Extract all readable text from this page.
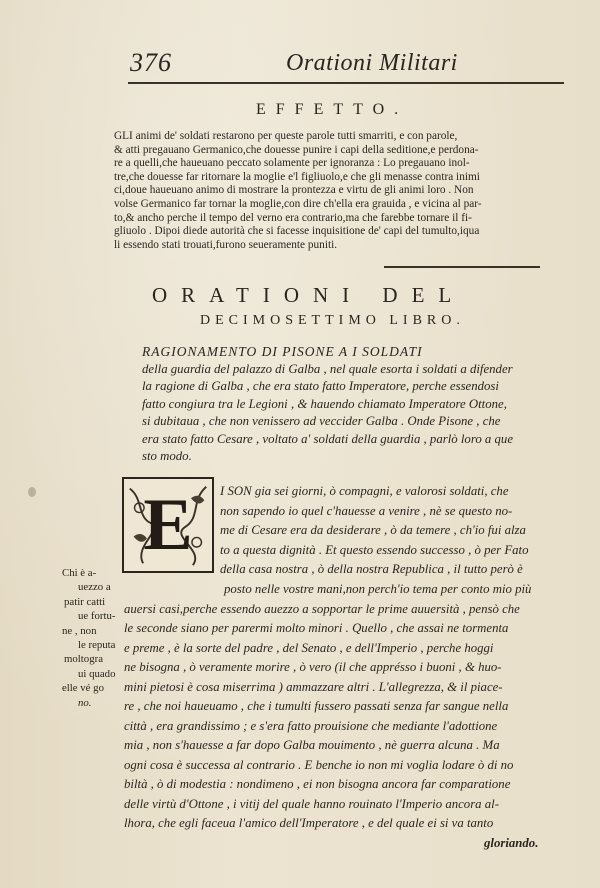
376	Orationi Militari
EFFETTO.
GLI animi de' soldati restarono per queste parole tutti smarriti, e con parole,
& atti pregauano Germanico,che douesse punire i capi della seditione,e perdona-
re a quelli,che haueuano peccato solamente per ignoranza : Lo pregauano inol-
tre,che douesse far ritornare la moglie e'l figliuolo,e che gli menasse contra inimi
ci,doue haueuano animo di mostrare la prontezza e virtu de gli animi loro . Non
volse Germanico far tornar la moglie,con dire ch'ella era grauida , e vicina al par-
to,& ancho perche il tempo del verno era contrario,ma che farebbe tornare il fi-
gliuolo . Dipoi diede autorità che si facesse inquisitione de' capi del tumulto,iqua
li essendo stati trouati,furono seueramente puniti.
ORATIONI DEL
DECIMOSETTIMO LIBRO.
RAGIONAMENTO DI PISONE A I SOLDATI
della guardia del palazzo di Galba , nel quale esorta i soldati a difender
la ragione di Galba , che era stato fatto Imperatore, perche essendosi
fatto congiura tra le Legioni , & hauendo chiamato Imperatore Ottone,
si dubitaua , che non venissero ad veccider Galba . Onde Pisone , che
era stato fatto Cesare , voltato a' soldati della guardia , parlò loro a que
sto modo.
E	I SON gia sei giorni, ò compagni, e valorosi soldati, che
non sapendo io quel c'hauesse a venire , nè se questo no-
me di Cesare era da desiderare , ò da temere , ch'io fui alza
to a questa dignità . Et questo essendo successo , ò per Fato
della casa nostra , ò della nostra Republica , il tutto però è
posto nelle vostre mani,non perch'io tema per conto mio più
auersi casi,perche essendo auezzo a sopportar le prime auuersità , pensò che
le seconde siano per parermi molto minori . Quello , che assai ne tormenta
e preme , è la sorte del padre , del Senato , e dell'Imperio , perche hoggi
ne bisogna , ò veramente morire , ò vero (il che apprésso i buoni , & huo-
mini pietosi è cosa miserrima ) ammazzare altri . L'allegrezza, & il piace-
re , che noi haueuamo , che i tumulti fussero passati senza far sangue nella
città , era grandissimo ; e s'era fatto prouisione che mediante l'adottione
mia , non s'hauesse a far dopo Galba mouimento , nè guerra alcuna . Ma
ogni cosa è successa al contrario . E benche io non mi voglia lodare ò di no
biltà , ò di modestia : nondimeno , ei non bisogna ancora far comparatione
delle virtù d'Ottone , i vitij del quale hanno rouinato l'Imperio ancora al-
lhora, che egli faceua l'amico dell'Imperatore , e del quale ei si va tanto
gloriando.
Chi è a-
uezzo a
patir catti
ue fortu-
ne , non
le reputa
moltogra
ui quado
elle vé go
no.
